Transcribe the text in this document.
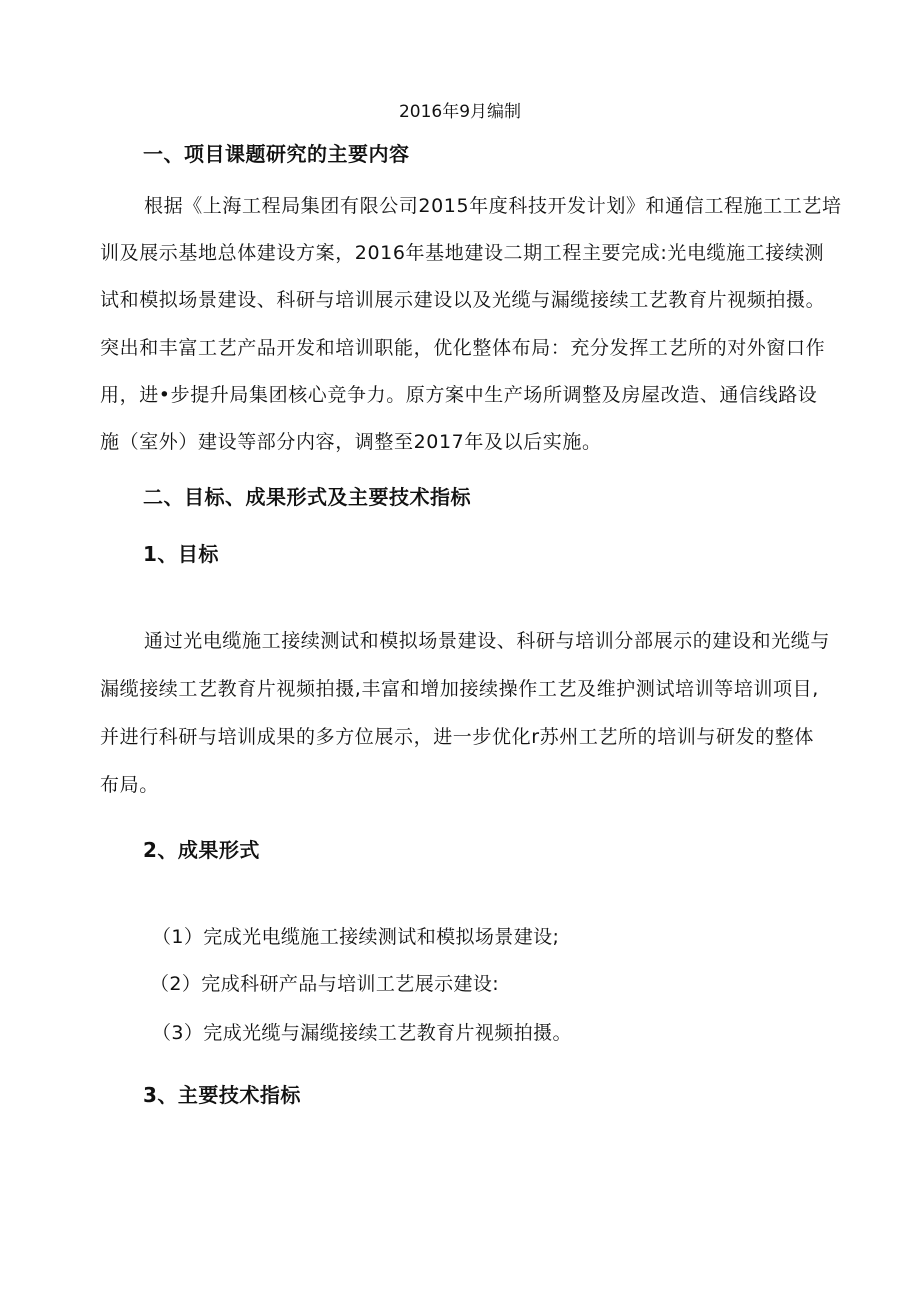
2016年9月编制

一、项目课题研究的主要内容

根据《上海工程局集团有限公司2015年度科技开发计划》和通信工程施工工艺培

训及展示基地总体建设方案，2016年基地建设二期工程主要完成:光电缆施工接续测

试和模拟场景建设、科研与培训展示建设以及光缆与漏缆接续工艺教育片视频拍摄。

突出和丰富工艺产品开发和培训职能，优化整体布局：充分发挥工艺所的对外窗口作

用，进•步提升局集团核心竞争力。原方案中生产场所调整及房屋改造、通信线路设

施（室外）建设等部分内容，调整至2017年及以后实施。

二、目标、成果形式及主要技术指标

1、目标

通过光电缆施工接续测试和模拟场景建设、科研与培训分部展示的建设和光缆与

漏缆接续工艺教育片视频拍摄,丰富和增加接续操作工艺及维护测试培训等培训项目,

并进行科研与培训成果的多方位展示，进一步优化r苏州工艺所的培训与研发的整体

布局。

2、成果形式

（1）完成光电缆施工接续测试和模拟场景建设;

（2）完成科研产品与培训工艺展示建设:

（3）完成光缆与漏缆接续工艺教育片视频拍摄。

3、主要技术指标
